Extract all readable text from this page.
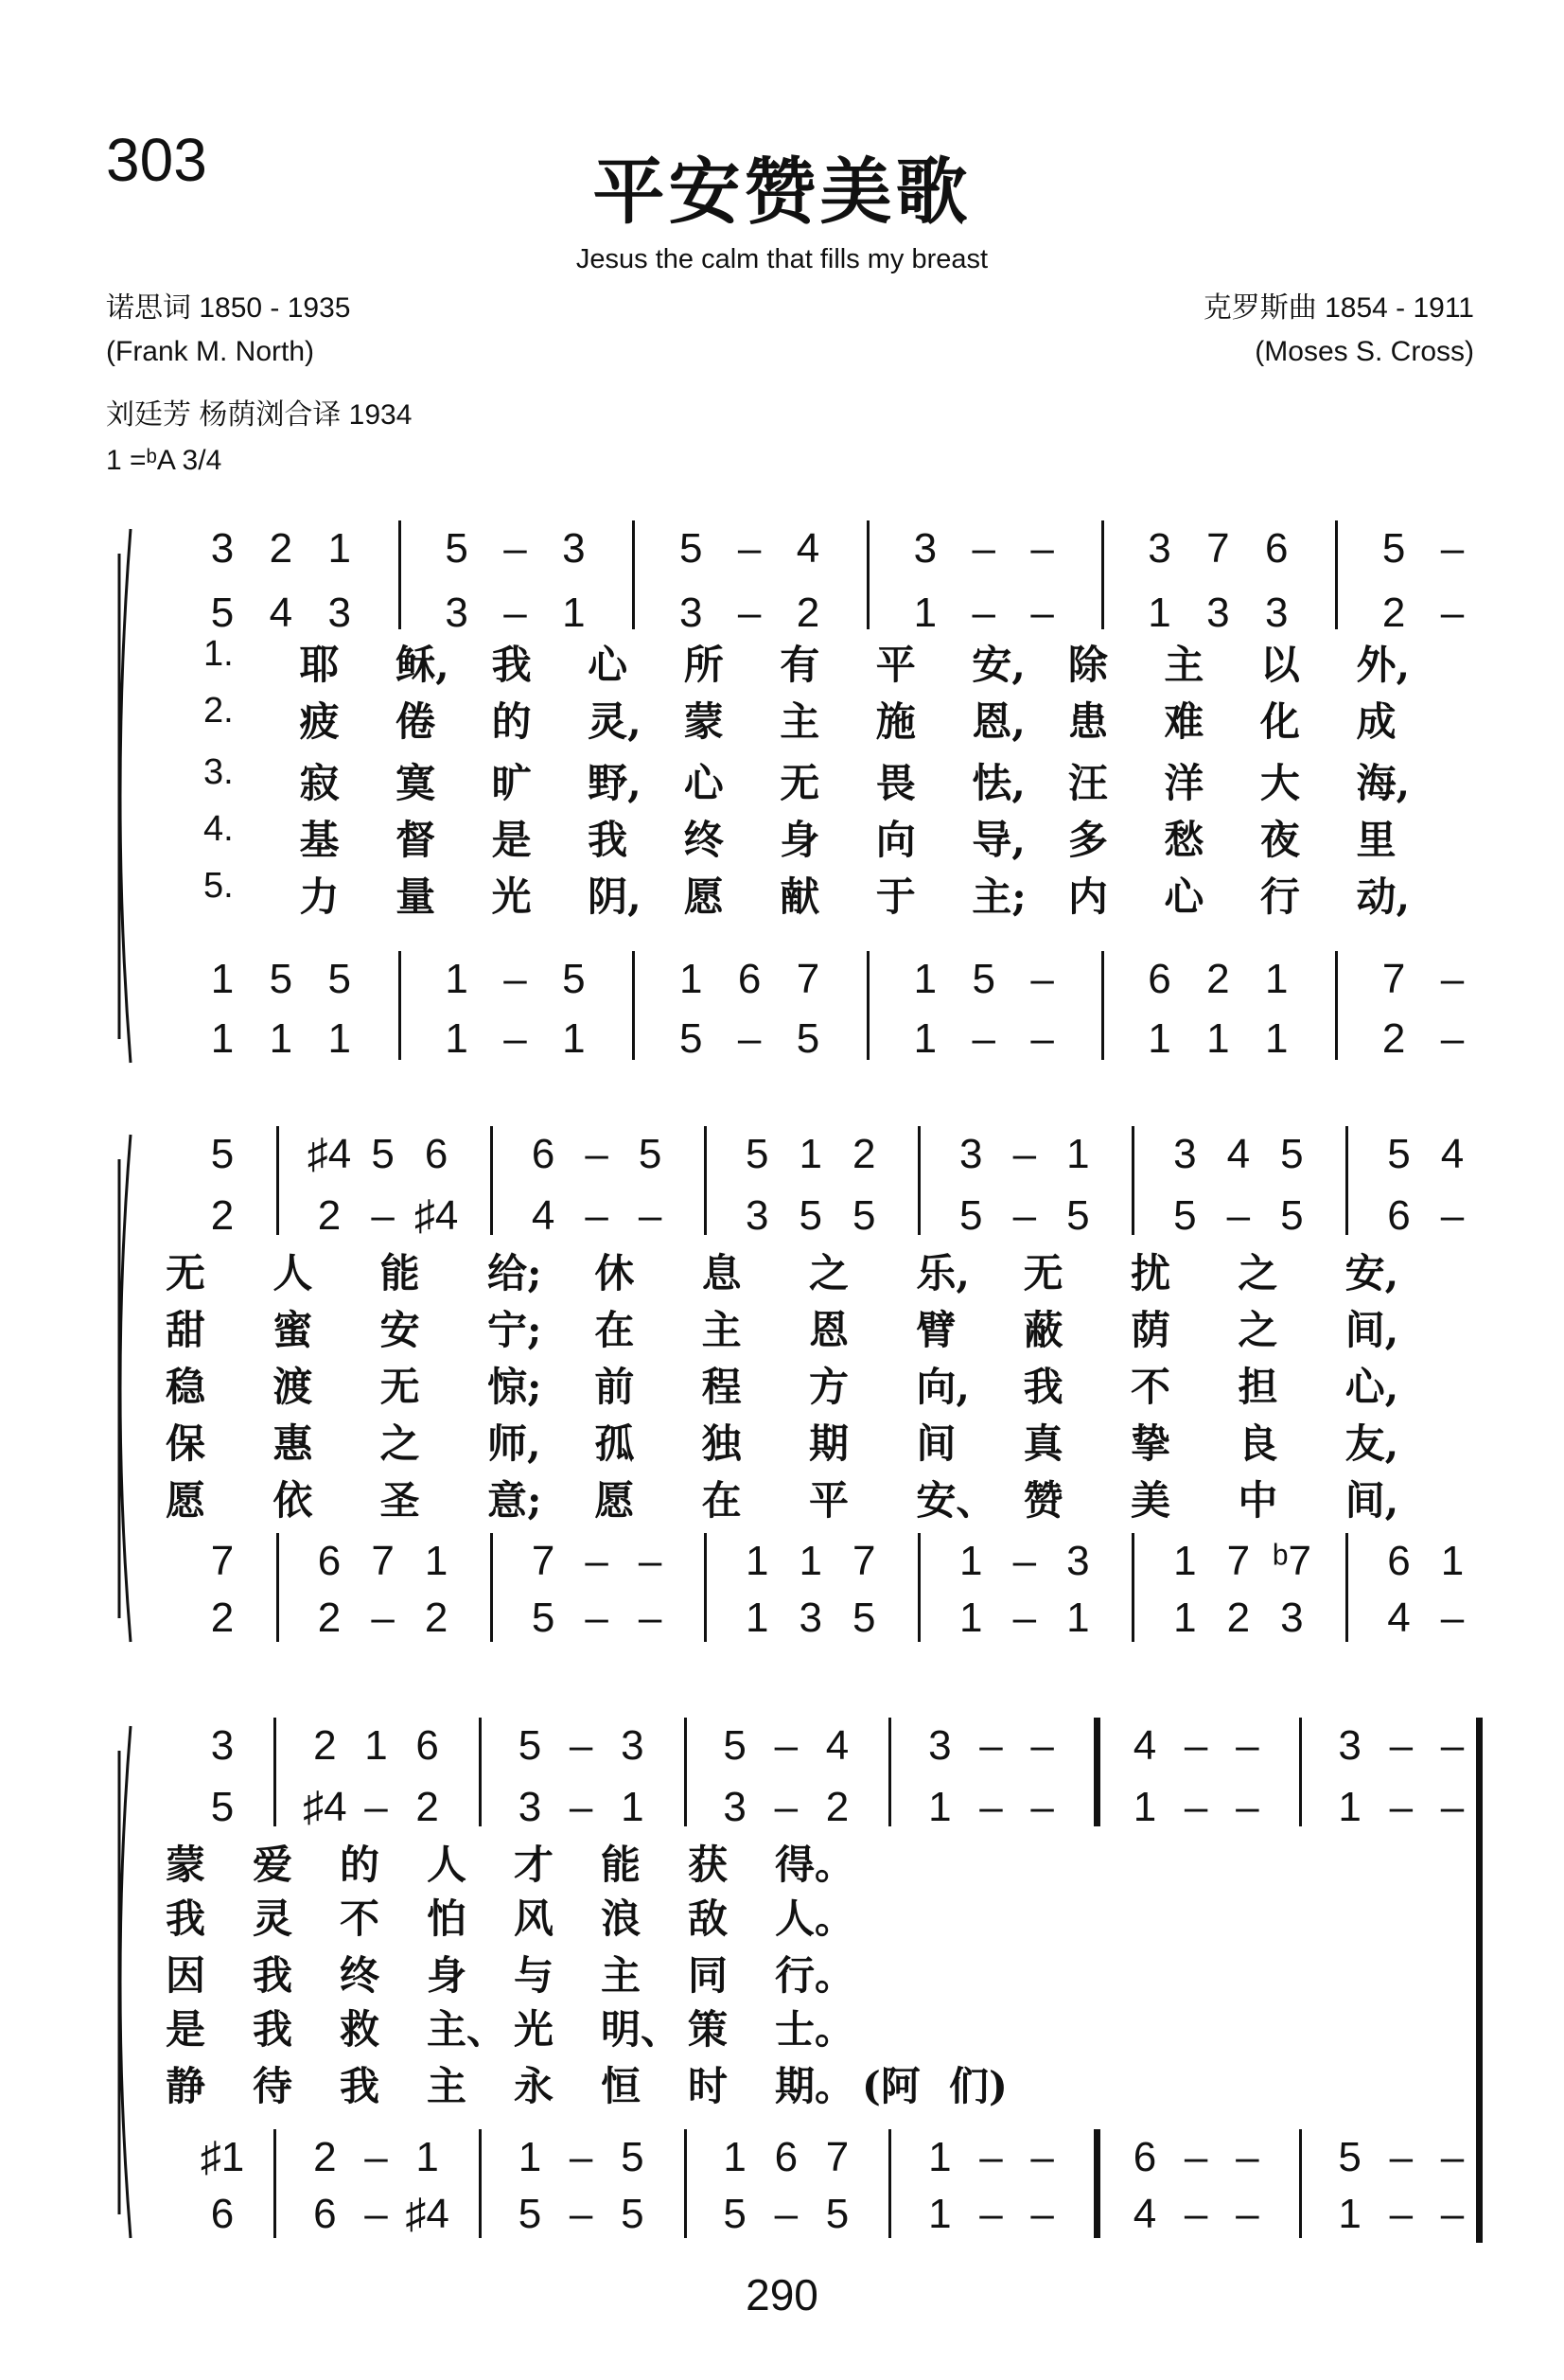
303	平安赞美歌
Jesus the calm that fills my breast
诺思词 1850 - 1935
(Frank M. North)
刘廷芳 杨荫浏合译 1934
1 =ᵇA 3/4
克罗斯曲 1854 - 1911
(Moses S. Cross)
3 2 1 5 – 3 5 – 4 3 – – 3 7 6 5 –
5 4 3 3 – 1 3 – 2 1 – – 1 3 3 2 –
1 5 5 1 – 5 1 6 7 1 5 – 6 2 1 7 –
1 1 1 1 – 1 5 – 5 1 – – 1 1 1 2 –
1. 耶 稣, 我 心 所 有 平 安, 除 主 以 外,
2. 疲 倦 的 灵, 蒙 主 施 恩, 患 难 化 成
3. 寂 寞 旷 野, 心 无 畏 怯, 汪 洋 大 海,
4. 基 督 是 我 终 身 向 导, 多 愁 夜 里
5. 力 量 光 阴, 愿 献 于 主; 内 心 行 动,
5 ♯4 5 6 6 – 5 5 1 2 3 – 1 3 4 5 5 4
2 2 – ♯4 4 – – 3 5 5 5 – 5 5 – 5 6 –
7 6 7 1 7 – – 1 1 7 1 – 3 1 7 ᵇ7 6 1
2 2 – 2 5 – – 1 3 5 1 – 1 1 2 3 4 –
无 人 能 给; 休 息 之 乐, 无 扰 之 安,
甜 蜜 安 宁; 在 主 恩 臂 蔽 荫 之 间,
稳 渡 无 惊; 前 程 方 向, 我 不 担 心,
保 惠 之 师, 孤 独 期 间 真 挚 良 友,
愿 依 圣 意; 愿 在 平 安、 赞 美 中 间,
3 2 1 6 5 – 3 5 – 4 3 – – 4 – – 3 – –
5 ♯4 – 2 3 – 1 3 – 2 1 – – 1 – – 1 – –
♯1 2 – 1 1 – 5 1 6 7 1 – – 6 – – 5 – –
6 6 – ♯4 5 – 5 5 – 5 1 – – 4 – – 1 – –
蒙 爱 的 人 才 能 获 得。
我 灵 不 怕 风 浪 敌 人。
因 我 终 身 与 主 同 行。
是 我 救 主、 光 明、 策 士。
静 待 我 主 永 恒 时 期。 (阿 们)
290
